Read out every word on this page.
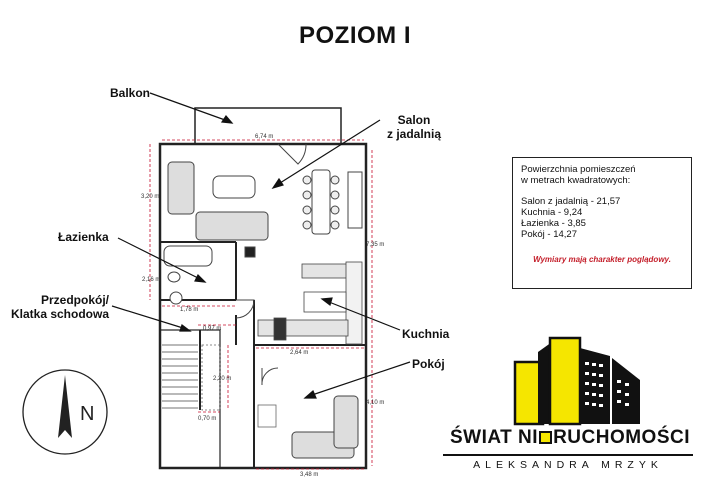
POZIOM I
6,74 m
3,20 m
7,35 m
2,16 m
1,78 m
0,97 m
2,64 m
2,20 m
0,70 m
4,10 m
3,48 m
Balkon
Salon
z jadalnią
Łazienka
Przedpokój/
Klatka schodowa
Kuchnia
Pokój
N
Powierzchnia pomieszczeń
w metrach kwadratowych:
Salon z jadalnią - 21,57
Kuchnia - 9,24
Łazienka - 3,85
Pokój - 14,27
Wymiary mają charakter poglądowy.
ŚWIAT NI RUCHOMOŚCI
ALEKSANDRA MRZYK
